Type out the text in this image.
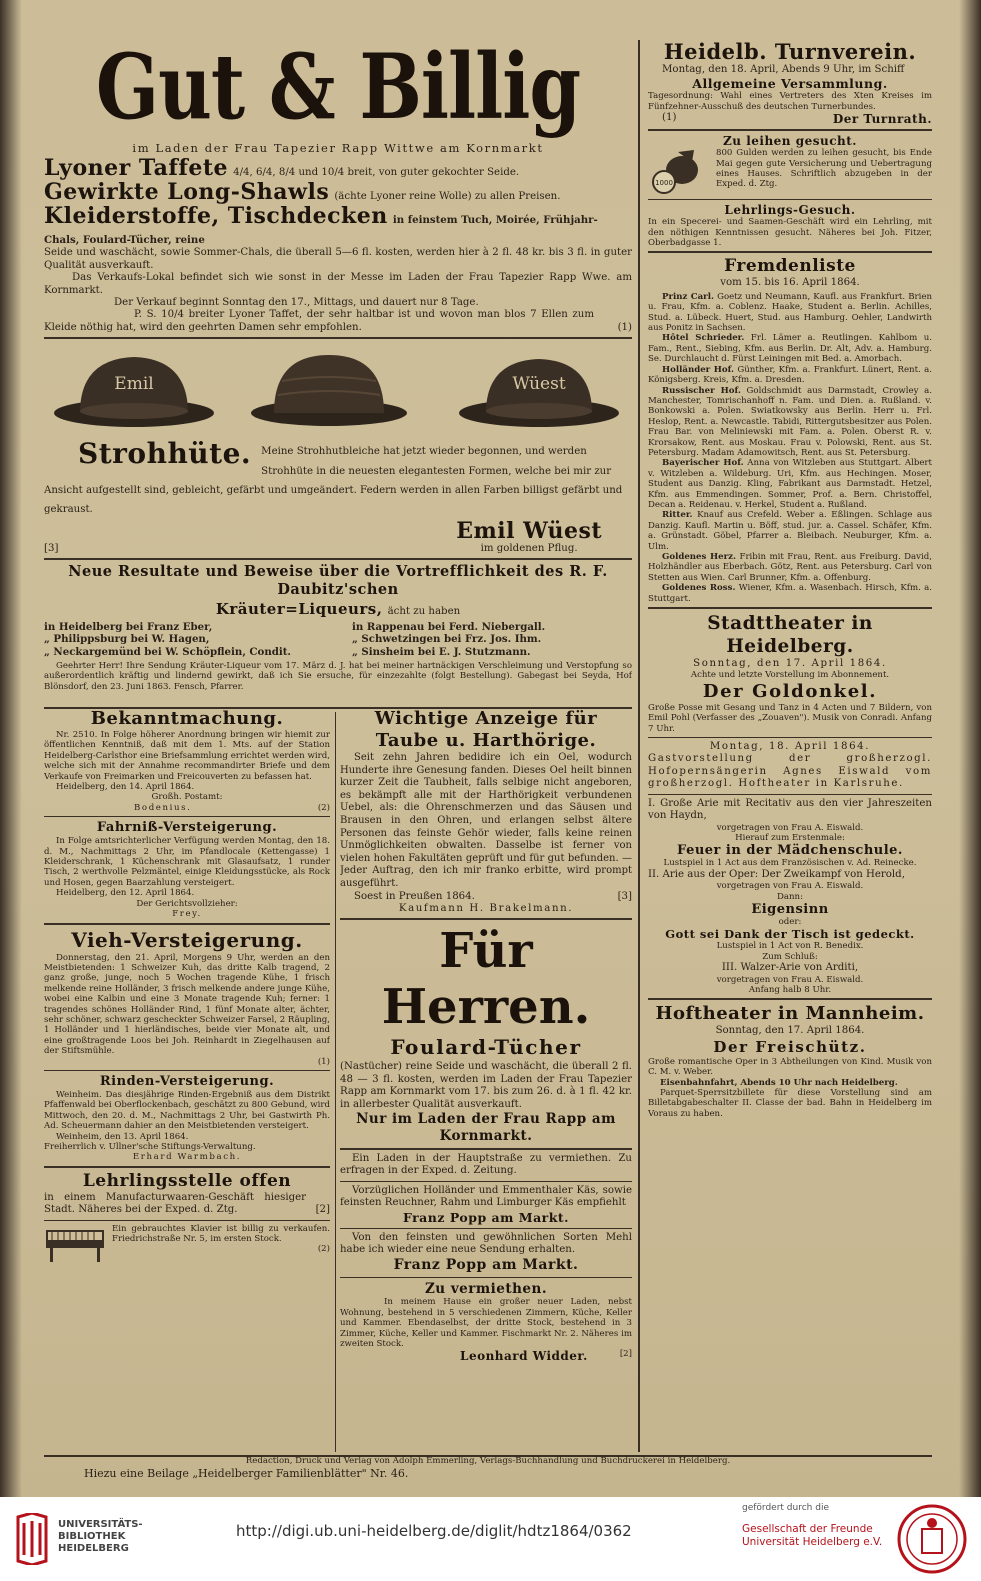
Gut & Billig
im Laden der Frau Tapezier Rapp Wittwe am Kornmarkt
Lyoner Taffete 4/4, 6/4, 8/4 und 10/4 breit, von guter gekochter Seide.
Gewirkte Long-Shawls (ächte Lyoner reine Wolle) zu allen Preisen.
Kleiderstoffe, Tischdecken in feinstem Tuch, Moirée, Frühjahr-Chals, Foulard-Tücher, reine
Seide und waschächt, sowie Sommer-Chals, die überall 5—6 fl. kosten, werden hier à 2 fl. 48 kr. bis 3 fl. in guter Qualität ausverkauft.
Das Verkaufs-Lokal befindet sich wie sonst in der Messe im Laden der Frau Tapezier Rapp Wwe. am Kornmarkt.
Der Verkauf beginnt Sonntag den 17., Mittags, und dauert nur 8 Tage.
P. S. 10/4 breiter Lyoner Taffet, der sehr haltbar ist und wovon man blos 7 Ellen zum Kleide nöthig hat, wird den geehrten Damen sehr empfohlen.	(1)
Emil	Wüest
Strohhüte. Meine Strohhutbleiche hat jetzt wieder begonnen, und werden Strohhüte in die neuesten elegantesten Formen, welche bei mir zur Ansicht aufgestellt sind, gebleicht, gefärbt und umgeändert. Federn werden in allen Farben billigst gefärbt und gekraust.
[3]
Emil Wüest
im goldenen Pflug.
Neue Resultate und Beweise über die Vortrefflichkeit des R. F. Daubitz'schen
Kräuter=Liqueurs, ächt zu haben
in Heidelberg bei Franz Eber,
„ Philippsburg bei W. Hagen,
„ Neckargemünd bei W. Schöpflein, Condit.
in Rappenau bei Ferd. Niebergall.
„ Schwetzingen bei Frz. Jos. Ihm.
„ Sinsheim bei E. J. Stutzmann.
Geehrter Herr! Ihre Sendung Kräuter-Liqueur vom 17. März d. J. hat bei meiner hartnäckigen Verschleimung und Verstopfung so außerordentlich kräftig und lindernd gewirkt, daß ich Sie ersuche, für einzezahlte (folgt Bestellung). Gabegast bei Seyda, Hof Blönsdorf, den 23. Juni 1863. Fensch, Pfarrer.
Bekanntmachung.
Nr. 2510. In Folge höherer Anordnung bringen wir hiemit zur öffentlichen Kenntniß, daß mit dem 1. Mts. auf der Station Heidelberg-Carlsthor eine Briefsammlung errichtet werden wird, welche sich mit der Annahme recommandirter Briefe und dem Verkaufe von Freimarken und Freicouverten zu befassen hat.
Heidelberg, den 14. April 1864.
Großh. Postamt:
Bodenius.	(2)
Fahrniß-Versteigerung.
In Folge amtsrichterlicher Verfügung werden Montag, den 18. d. M., Nachmittags 2 Uhr, im Pfandlocale (Kettengasse) 1 Kleiderschrank, 1 Küchenschrank mit Glasaufsatz, 1 runder Tisch, 2 werthvolle Pelzmäntel, einige Kleidungsstücke, als Rock und Hosen, gegen Baarzahlung versteigert.
Heidelberg, den 12. April 1864.
Der Gerichtsvollzieher:
Frey.
Vieh-Versteigerung.
Donnerstag, den 21. April, Morgens 9 Uhr, werden an den Meistbietenden: 1 Schweizer Kuh, das dritte Kalb tragend, 2 ganz große, junge, noch 5 Wochen tragende Kühe, 1 frisch melkende reine Holländer, 3 frisch melkende andere junge Kühe, wobei eine Kalbin und eine 3 Monate tragende Kuh; ferner: 1 tragendes schönes Holländer Rind, 1 fünf Monate alter, ächter, sehr schöner, schwarz gescheckter Schweizer Farsel, 2 Räupling, 1 Holländer und 1 hierländisches, beide vier Monate alt, und eine großtragende Loos bei Joh. Reinhardt in Ziegelhausen auf der Stiftsmühle.
(1)
Rinden-Versteigerung.
Weinheim. Das diesjährige Rinden-Ergebniß aus dem Distrikt Pfaffenwald bei Oberflockenbach, geschätzt zu 800 Gebund, wird Mittwoch, den 20. d. M., Nachmittags 2 Uhr, bei Gastwirth Ph. Ad. Scheuermann dahier an den Meistbietenden versteigert.
Weinheim, den 13. April 1864.
Freiherrlich v. Ullner'sche Stiftungs-Verwaltung.
Erhard Warmbach.
Lehrlingsstelle offen
in einem Manufacturwaaren-Geschäft hiesiger Stadt. Näheres bei der Exped. d. Ztg.	[2]
Ein gebrauchtes Klavier ist billig zu verkaufen. Friedrichstraße Nr. 5, im ersten Stock.
(2)
Wichtige Anzeige für Taube u. Harthörige.
Seit zehn Jahren bedidire ich ein Oel, wodurch Hunderte ihre Genesung fanden. Dieses Oel heilt binnen kurzer Zeit die Taubheit, falls selbige nicht angeboren, es bekämpft alle mit der Harthörigkeit verbundenen Uebel, als: die Ohrenschmerzen und das Säusen und Brausen in den Ohren, und erlangen selbst ältere Personen das feinste Gehör wieder, falls keine reinen Unmöglichkeiten obwalten. Dasselbe ist ferner von vielen hohen Fakultäten geprüft und für gut befunden. — Jeder Auftrag, den ich mir franko erbitte, wird prompt ausgeführt.
Soest in Preußen 1864.	[3]
Kaufmann H. Brakelmann.
Für Herren.
Foulard-Tücher
(Nastücher) reine Seide und waschächt, die überall 2 fl. 48 — 3 fl. kosten, werden im Laden der Frau Tapezier Rapp am Kornmarkt vom 17. bis zum 26. d. à 1 fl. 42 kr. in allerbester Qualität ausverkauft.
Nur im Laden der Frau Rapp am Kornmarkt.
Ein Laden in der Hauptstraße zu vermiethen. Zu erfragen in der Exped. d. Zeitung.
Vorzüglichen Holländer und Emmenthaler Käs, sowie feinsten Reuchner, Rahm und Limburger Käs empfiehlt
Franz Popp am Markt.
Von den feinsten und gewöhnlichen Sorten Mehl habe ich wieder eine neue Sendung erhalten.
Franz Popp am Markt.
Zu vermiethen.
In meinem Hause ein großer neuer Laden, nebst Wohnung, bestehend in 5 verschiedenen Zimmern, Küche, Keller und Kammer. Ebendaselbst, der dritte Stock, bestehend in 3 Zimmer, Küche, Keller und Kammer. Fischmarkt Nr. 2. Näheres im zweiten Stock.
Leonhard Widder.	[2]
Heidelb. Turnverein.
Montag, den 18. April, Abends 9 Uhr, im Schiff
Allgemeine Versammlung.
Tagesordnung: Wahl eines Vertreters des Xten Kreises im Fünfzehner-Ausschuß des deutschen Turnerbundes.
(1)	Der Turnrath.
Zu leihen gesucht.
1000
800 Gulden werden zu leihen gesucht, bis Ende Mai gegen gute Versicherung und Uebertragung eines Hauses. Schriftlich abzugeben in der Exped. d. Ztg.
Lehrlings-Gesuch.
In ein Specerei- und Saamen-Geschäft wird ein Lehrling, mit den nöthigen Kenntnissen gesucht. Näheres bei Joh. Fitzer, Oberbadgasse 1.
Fremdenliste
vom 15. bis 16. April 1864.
Prinz Carl. Goetz und Neumann, Kaufl. aus Frankfurt. Brien u. Frau, Kfm. a. Coblenz. Haake, Student a. Berlin. Achilles, Stud. a. Lübeck. Huert, Stud. aus Hamburg. Oehler, Landwirth aus Ponitz in Sachsen.
Hôtel Schrieder. Frl. Lämer a. Reutlingen. Kahlbom u. Fam., Rent., Siebing, Kfm. aus Berlin. Dr. Alt, Adv. a. Hamburg. Se. Durchlaucht d. Fürst Leiningen mit Bed. a. Amorbach.
Holländer Hof. Günther, Kfm. a. Frankfurt. Lünert, Rent. a. Königsberg. Kreis, Kfm. a. Dresden.
Russischer Hof. Goldschmidt aus Darmstadt, Crowley a. Manchester, Tomrischanhoff n. Fam. und Dien. a. Rußland. v. Bonkowski a. Polen. Swiatkowsky aus Berlin. Herr u. Frl. Heslop, Rent. a. Newcastle. Tabidi, Rittergutsbesitzer aus Polen. Frau Bar. von Meliniewski mit Fam. a. Polen. Oberst R. v. Krorsakow, Rent. aus Moskau. Frau v. Polowski, Rent. aus St. Petersburg. Madam Adamowitsch, Rent. aus St. Petersburg.
Bayerischer Hof. Anna von Witzleben aus Stuttgart. Albert v. Witzleben a. Wildeburg. Uri, Kfm. aus Hechingen. Moser, Student aus Danzig. Kling, Fabrikant aus Darmstadt. Hetzel, Kfm. aus Emmendingen. Sommer, Prof. a. Bern. Christoffel, Decan a. Reidenau. v. Herkel, Student a. Rußland.
Ritter. Knauf aus Crefeld. Weber a. Eßlingen. Schlage aus Danzig. Kaufl. Martin u. Böff, stud. jur. a. Cassel. Schäfer, Kfm. a. Grünstadt. Göbel, Pfarrer a. Bleibach. Neuburger, Kfm. a. Ulm.
Goldenes Herz. Fribin mit Frau, Rent. aus Freiburg. David, Holzhändler aus Eberbach. Götz, Rent. aus Petersburg. Carl von Stetten aus Wien. Carl Brunner, Kfm. a. Offenburg.
Goldenes Ross. Wiener, Kfm. a. Wasenbach. Hirsch, Kfm. a. Stuttgart.
Stadttheater in Heidelberg.
Sonntag, den 17. April 1864.
Achte und letzte Vorstellung im Abonnement.
Der Goldonkel.
Große Posse mit Gesang und Tanz in 4 Acten und 7 Bildern, von Emil Pohl (Verfasser des „Zouaven"). Musik von Conradi. Anfang 7 Uhr.
Montag, 18. April 1864.
Gastvorstellung der großherzogl. Hofopernsängerin Agnes Eiswald vom großherzogl. Hoftheater in Karlsruhe.
I. Große Arie mit Recitativ aus den vier Jahreszeiten von Haydn,
vorgetragen von Frau A. Eiswald.
Hierauf zum Erstenmale:
Feuer in der Mädchenschule.
Lustspiel in 1 Act aus dem Französischen v. Ad. Reinecke.
II. Arie aus der Oper: Der Zweikampf von Herold,
vorgetragen von Frau A. Eiswald.
Dann:
Eigensinn
oder:
Gott sei Dank der Tisch ist gedeckt.
Lustspiel in 1 Act von R. Benedix.
Zum Schluß:
III. Walzer-Arie von Arditi,
vorgetragen von Frau A. Eiswald.
Anfang halb 8 Uhr.
Hoftheater in Mannheim.
Sonntag, den 17. April 1864.
Der Freischütz.
Große romantische Oper in 3 Abtheilungen von Kind. Musik von C. M. v. Weber.
Eisenbahnfahrt, Abends 10 Uhr nach Heidelberg.
Parquet-Sperrsitzbillete für diese Vorstellung sind am Billetabgabeschalter II. Classe der bad. Bahn in Heidelberg im Voraus zu haben.
Redaction, Druck und Verlag von Adolph Emmerling, Verlags-Buchhandlung und Buchdruckerei in Heidelberg.
Hiezu eine Beilage „Heidelberger Familienblätter" Nr. 46.
UNIVERSITÄTS-
BIBLIOTHEK
HEIDELBERG
http://digi.ub.uni-heidelberg.de/diglit/hdtz1864/0362
gefördert durch die
Gesellschaft der Freunde
Universität Heidelberg e.V.
